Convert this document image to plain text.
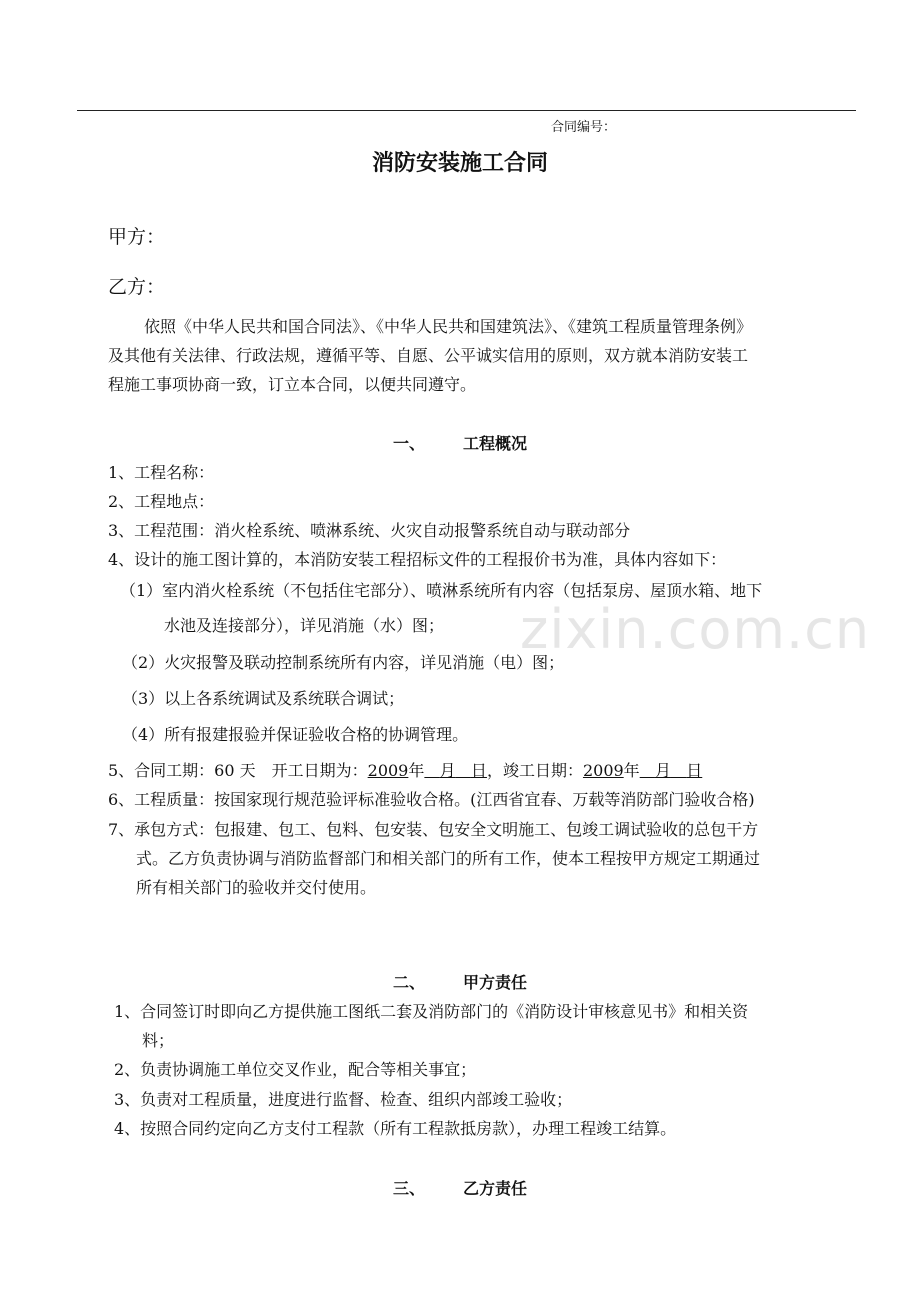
合同编号：
消防安装施工合同
甲方：
乙方：
依照《中华人民共和国合同法》、《中华人民共和国建筑法》、《建筑工程质量管理条例》
及其他有关法律、行政法规，遵循平等、自愿、公平诚实信用的原则，双方就本消防安装工
程施工事项协商一致，订立本合同，以便共同遵守。
一、 工程概况
1、工程名称：
2、工程地点：
3、工程范围：消火栓系统、喷淋系统、火灾自动报警系统自动与联动部分
4、设计的施工图计算的，本消防安装工程招标文件的工程报价书为准，具体内容如下：
（1）室内消火栓系统（不包括住宅部分）、喷淋系统所有内容（包括泵房、屋顶水箱、地下
水池及连接部分），详见消施（水）图；
（2）火灾报警及联动控制系统所有内容，详见消施（电）图；
（3）以上各系统调试及系统联合调试；
（4）所有报建报验并保证验收合格的协调管理。
5、合同工期：60 天　开工日期为：2009年 月 日，竣工日期：2009年 月 日
6、工程质量：按国家现行规范验评标准验收合格。(江西省宜春、万载等消防部门验收合格)
7、承包方式：包报建、包工、包料、包安装、包安全文明施工、包竣工调试验收的总包干方
式。乙方负责协调与消防监督部门和相关部门的所有工作，使本工程按甲方规定工期通过
所有相关部门的验收并交付使用。
zixin.com.cn
二、 甲方责任
1、合同签订时即向乙方提供施工图纸二套及消防部门的《消防设计审核意见书》和相关资
料；
2、负责协调施工单位交叉作业，配合等相关事宜；
3、负责对工程质量，进度进行监督、检查、组织内部竣工验收；
4、按照合同约定向乙方支付工程款（所有工程款抵房款），办理工程竣工结算。
三、 乙方责任
